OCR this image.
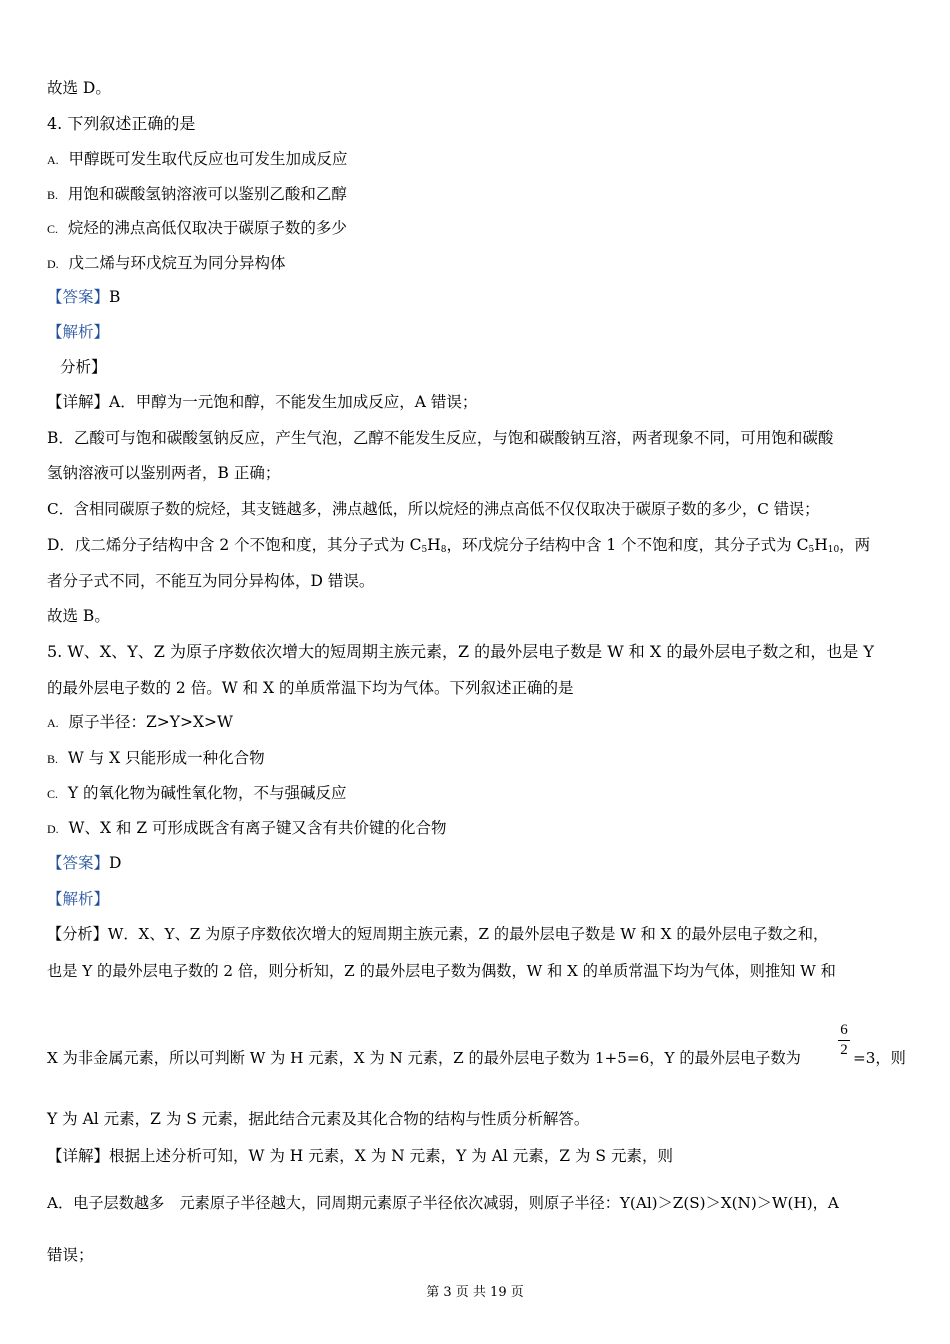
故选 D。
4. 下列叙述正确的是
A. 甲醇既可发生取代反应也可发生加成反应
B. 用饱和碳酸氢钠溶液可以鉴别乙酸和乙醇
C. 烷烃的沸点高低仅取决于碳原子数的多少
D. 戊二烯与环戊烷互为同分异构体
【答案】B
【解析】
分析】
【详解】A．甲醇为一元饱和醇，不能发生加成反应，A 错误；
B．乙酸可与饱和碳酸氢钠反应，产生气泡，乙醇不能发生反应，与饱和碳酸钠互溶，两者现象不同，可用饱和碳酸
氢钠溶液可以鉴别两者，B 正确；
C．含相同碳原子数的烷烃，其支链越多，沸点越低，所以烷烃的沸点高低不仅仅取决于碳原子数的多少，C 错误；
D．戊二烯分子结构中含 2 个不饱和度，其分子式为 $C_5H_8$，环戊烷分子结构中含 1 个不饱和度，其分子式为 $C_5H_{10}$，两
者分子式不同，不能互为同分异构体，D 错误。
故选 B。
5. W、X、Y、Z 为原子序数依次增大的短周期主族元素，Z 的最外层电子数是 W 和 X 的最外层电子数之和，也是 Y
的最外层电子数的 2 倍。W 和 X 的单质常温下均为气体。下列叙述正确的是
A. 原子半径：Z>Y>X>W
B. W 与 X 只能形成一种化合物
C. Y 的氧化物为碱性氧化物，不与强碱反应
D. W、X 和 Z 可形成既含有离子键又含有共价键的化合物
【答案】D
【解析】
【分析】W．X、Y、Z 为原子序数依次增大的短周期主族元素，Z 的最外层电子数是 W 和 X 的最外层电子数之和，
也是 Y 的最外层电子数的 2 倍，则分析知，Z 的最外层电子数为偶数，W 和 X 的单质常温下均为气体，则推知 W 和
X 为非金属元素，所以可判断 W 为 H 元素，X 为 N 元素，Z 的最外层电子数为 1+5=6，Y 的最外层电子数为
6
2 =3，则
Y 为 Al 元素，Z 为 S 元素，据此结合元素及其化合物的结构与性质分析解答。
【详解】根据上述分析可知，W 为 H 元素，X 为 N 元素，Y 为 Al 元素，Z 为 S 元素，则
A．电子层数越多　元素原子半径越大，同周期元素原子半径依次减弱，则原子半径：Y(Al)＞Z(S)＞X(N)＞W(H)，A
错误；
第 3 页 共 19 页
